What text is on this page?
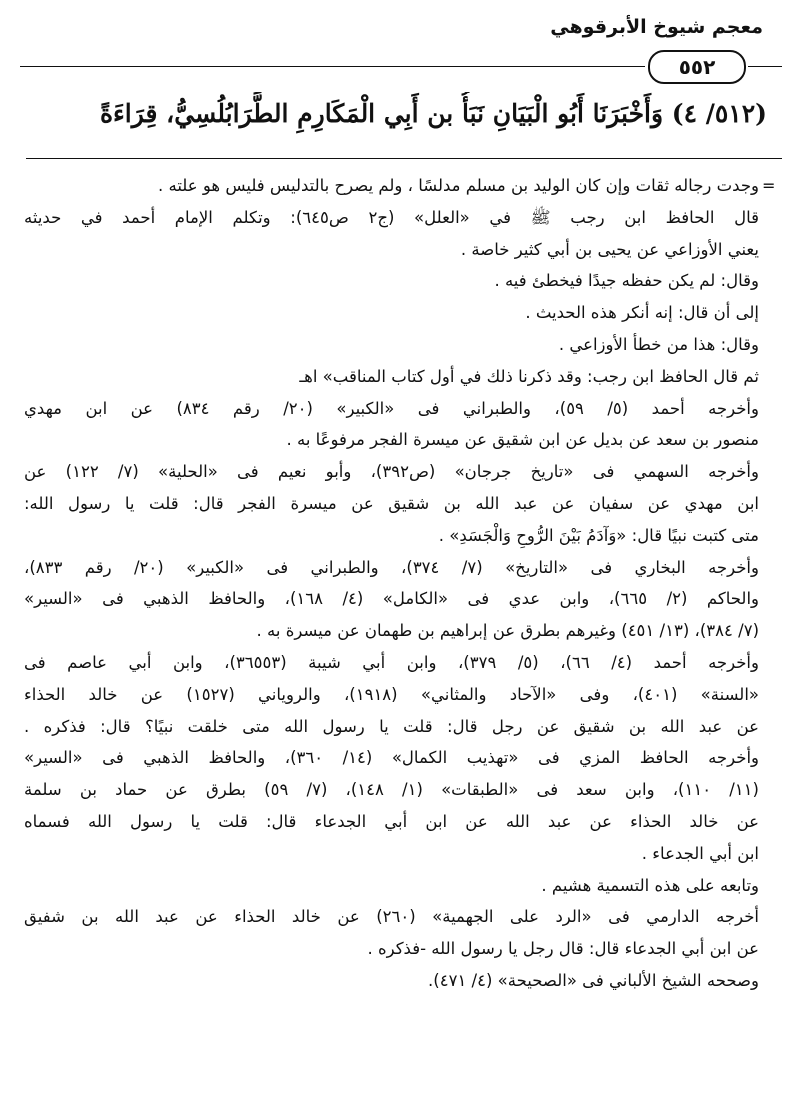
معجم شيوخ الأبرقوهي
٥٥٢
(٥١٢/ ٤) وَأَخْبَرَنَا أَبُو الْبَيَانِ نَبَأُ بن أَبِي الْمَكَارِمِ الطَّرَابُلُسِيُّ، قِرَاءَةً
=
وجدت رجاله ثقات وإن كان الوليد بن مسلم مدلسًا ، ولم يصرح بالتدليس فليس هو علته .
قال الحافظ ابن رجب ﷺ في «العلل» (ج٢ ص٦٤٥): وتكلم الإمام أحمد في حديثه
يعني الأوزاعي عن يحيى بن أبي كثير خاصة .
وقال: لم يكن حفظه جيدًا فيخطئ فيه .
إلى أن قال: إنه أنكر هذه الحديث .
وقال: هذا من خطأ الأوزاعي .
ثم قال الحافظ ابن رجب: وقد ذكرنا ذلك في أول كتاب المناقب» اهـ
وأخرجه أحمد (٥/ ٥٩)، والطبراني فى «الكبير» (٢٠/ رقم ٨٣٤) عن ابن مهدي
منصور بن سعد عن بديل عن ابن شقيق عن ميسرة الفجر مرفوعًا به .
وأخرجه السهمي فى «تاريخ جرجان» (ص٣٩٢)، وأبو نعيم فى «الحلية» (٧/ ١٢٢) عن
ابن مهدي عن سفيان عن عبد الله بن شقيق عن ميسرة الفجر قال: قلت يا رسول الله:
متى كتبت نبيًا قال: «وَآدَمُ بَيْنَ الرُّوحِ وَالْجَسَدِ» .
وأخرجه البخاري فى «التاريخ» (٧/ ٣٧٤)، والطبراني فى «الكبير» (٢٠/ رقم ٨٣٣)،
والحاكم (٢/ ٦٦٥)، وابن عدي فى «الكامل» (٤/ ١٦٨)، والحافظ الذهبي فى «السير»
(٧/ ٣٨٤)، (١٣/ ٤٥١) وغيرهم بطرق عن إبراهيم بن طهمان عن ميسرة به .
وأخرجه أحمد (٤/ ٦٦)، (٥/ ٣٧٩)، وابن أبي شيبة (٣٦٥٥٣)، وابن أبي عاصم فى
«السنة» (٤٠١)، وفى «الآحاد والمثاني» (١٩١٨)، والروياني (١٥٢٧) عن خالد الحذاء
عن عبد الله بن شقيق عن رجل قال: قلت يا رسول الله متى خلقت نبيًا؟ قال: فذكره .
وأخرجه الحافظ المزي فى «تهذيب الكمال» (١٤/ ٣٦٠)، والحافظ الذهبي فى «السير»
(١١/ ١١٠)، وابن سعد فى «الطبقات» (١/ ١٤٨)، (٧/ ٥٩) بطرق عن حماد بن سلمة
عن خالد الحذاء عن عبد الله عن ابن أبي الجدعاء قال: قلت يا رسول الله فسماه
ابن أبي الجدعاء .
وتابعه على هذه التسمية هشيم .
أخرجه الدارمي فى «الرد على الجهمية» (٢٦٠) عن خالد الحذاء عن عبد الله بن شفيق
عن ابن أبي الجدعاء قال: قال رجل يا رسول الله -فذكره .
وصححه الشيخ الألباني فى «الصحيحة» (٤/ ٤٧١).
